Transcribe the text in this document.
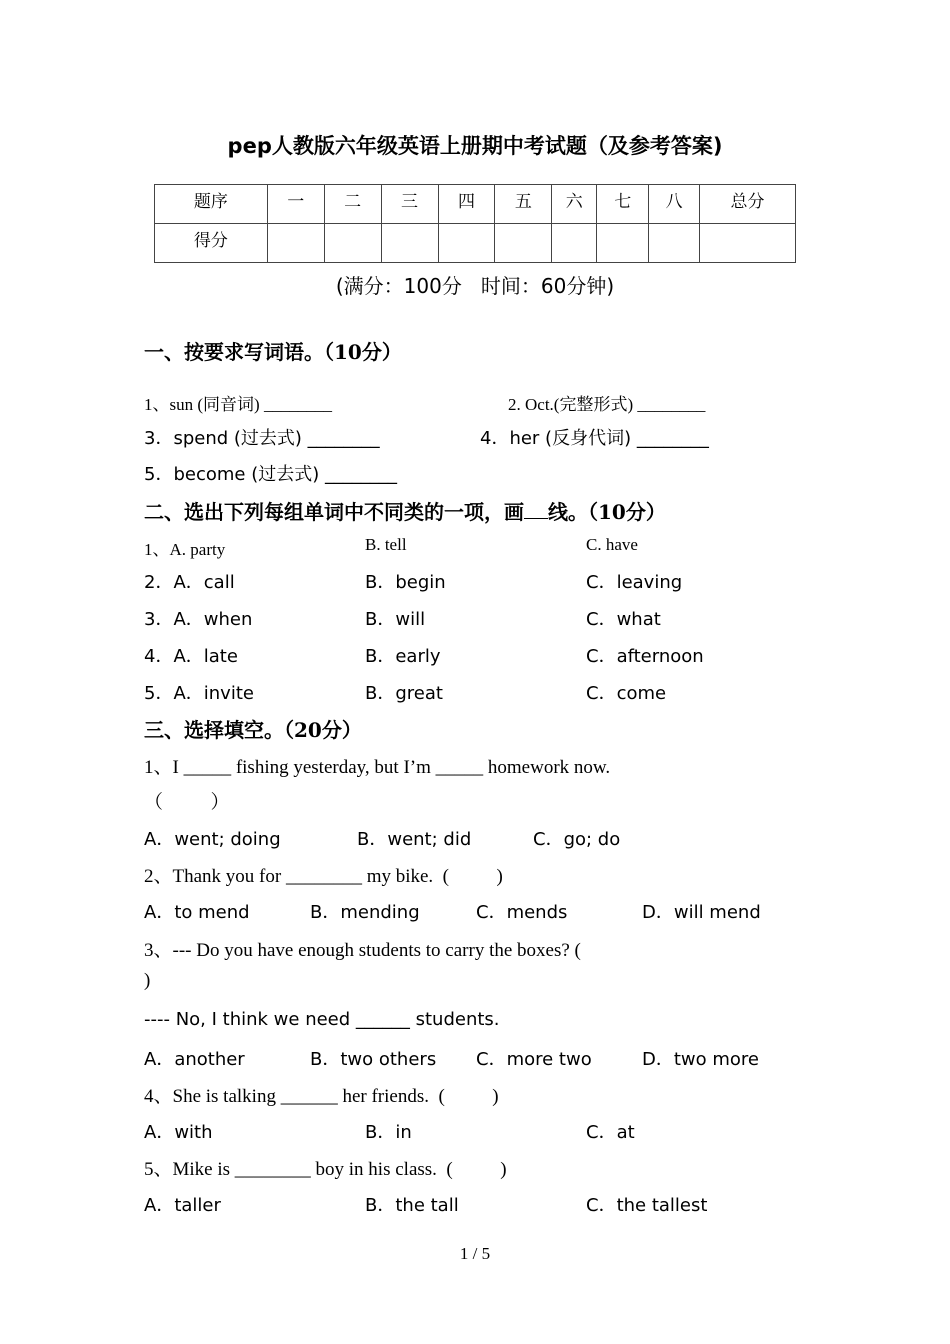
pep人教版六年级英语上册期中考试题（及参考答案)
题序	一	二	三	四	五	六	七	八	总分
得分									
(满分：100分   时间：60分钟)
一、按要求写词语。（10分）
1、sun (同音词) ________	2. Oct.(完整形式) ________
3．spend (过去式) ________	4．her (反身代词) ________
5．become (过去式) ________
二、选出下列每组单词中不同类的一项，画 线。（10分）
1、A. party	B. tell	C. have
2．A．call	B．begin	C．leaving
3．A．when	B．will	C．what
4．A．late	B．early	C．afternoon
5．A．invite	B．great	C．come
三、选择填空。（20分）
1、I _____ fishing yesterday, but I’m _____ homework now.
（          ）
A．went; doing	B．went; did	C．go; do
2、Thank you for ________ my bike.  (          )
A．to mend	B．mending	C．mends	D．will mend
3、--- Do you have enough students to carry the boxes? (
)
---- No, I think we need ______ students.
A．another	B．two others C．more two	D．two more
4、She is talking ______ her friends.  (          )
A．with	B．in	C．at
5、Mike is ________ boy in his class.  (          )
A．taller	B．the tall	C．the tallest
1 / 5
